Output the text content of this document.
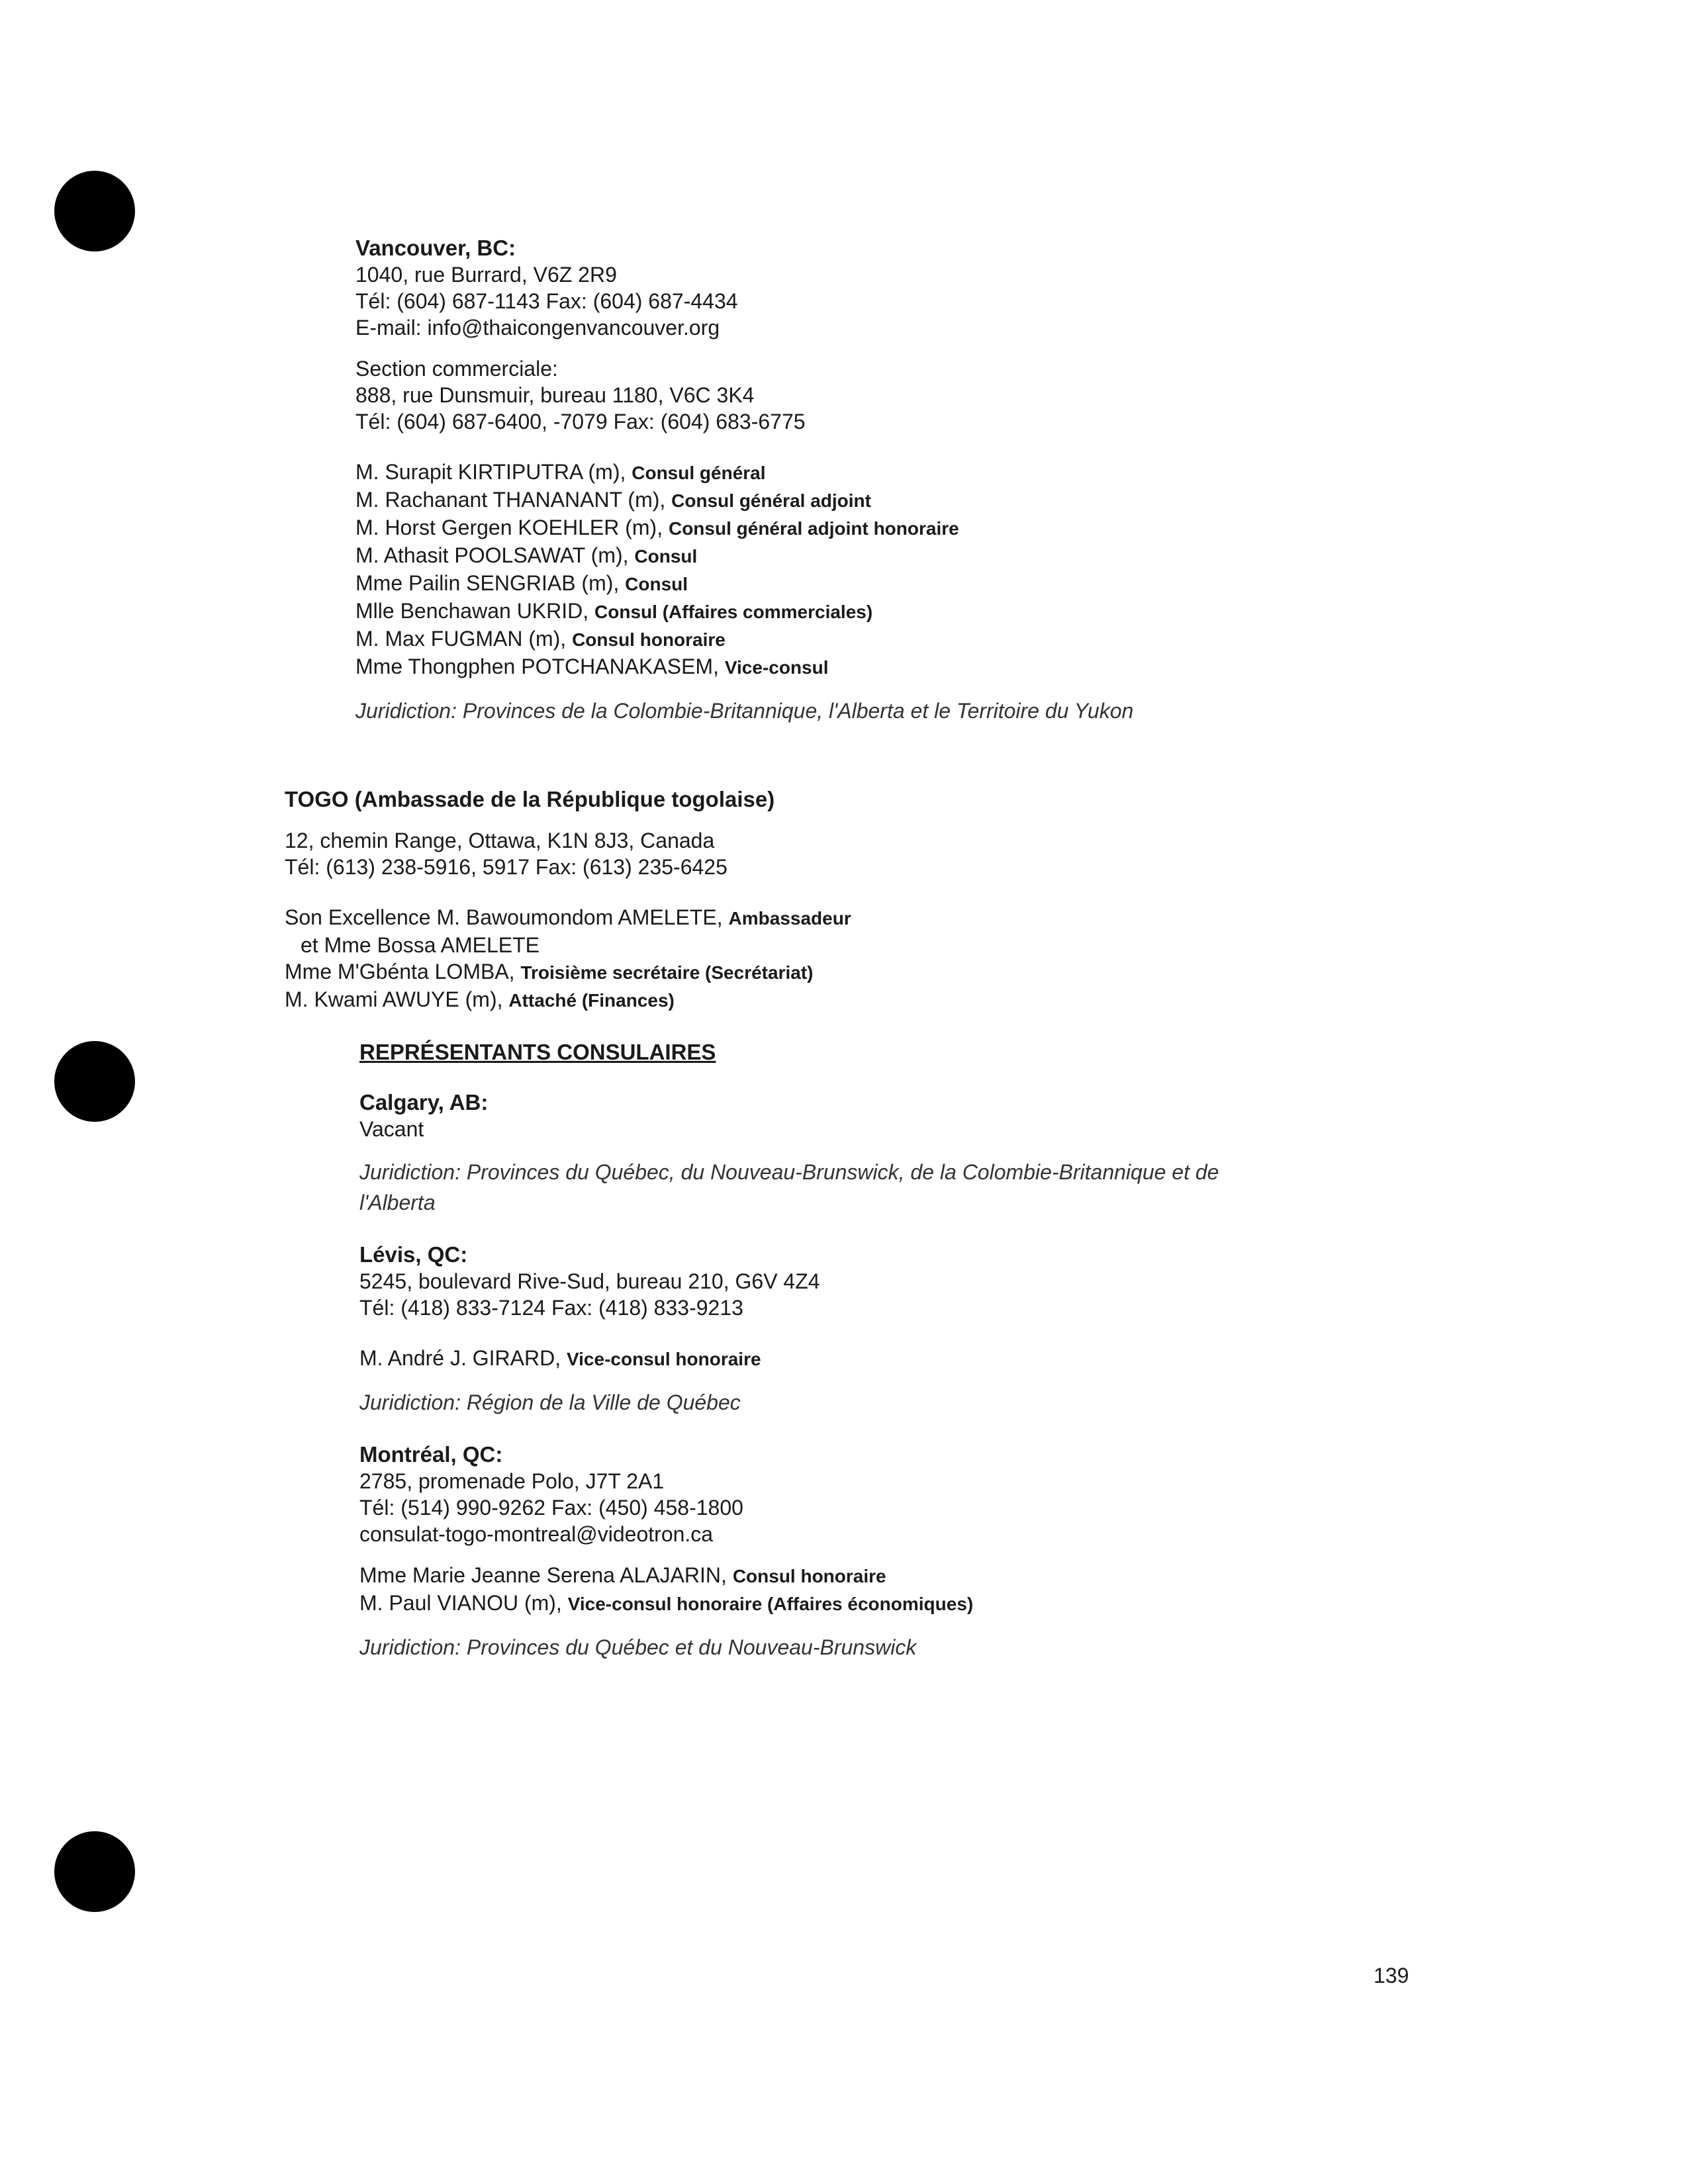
Vancouver, BC:
1040, rue Burrard, V6Z 2R9
Tél: (604) 687-1143 Fax: (604) 687-4434
E-mail: info@thaicongenvancouver.org
Section commerciale:
888, rue Dunsmuir, bureau 1180, V6C 3K4
Tél: (604) 687-6400, -7079 Fax: (604) 683-6775
M. Surapit KIRTIPUTRA (m), Consul général
M. Rachanant THANANANT (m), Consul général adjoint
M. Horst Gergen KOEHLER (m), Consul général adjoint honoraire
M. Athasit POOLSAWAT (m), Consul
Mme Pailin SENGRIAB (m), Consul
Mlle Benchawan UKRID, Consul (Affaires commerciales)
M. Max FUGMAN (m), Consul honoraire
Mme Thongphen POTCHANAKASEM, Vice-consul
Juridiction: Provinces de la Colombie-Britannique, l'Alberta et le Territoire du Yukon
TOGO (Ambassade de la République togolaise)
12, chemin Range, Ottawa, K1N 8J3, Canada
Tél: (613) 238-5916, 5917 Fax: (613) 235-6425
Son Excellence M. Bawoumondom AMELETE, Ambassadeur
et Mme Bossa AMELETE
Mme M'Gbénta LOMBA, Troisième secrétaire (Secrétariat)
M. Kwami AWUYE (m), Attaché (Finances)
REPRÉSENTANTS CONSULAIRES
Calgary, AB:
Vacant
Juridiction: Provinces du Québec, du Nouveau-Brunswick, de la Colombie-Britannique et de
l'Alberta
Lévis, QC:
5245, boulevard Rive-Sud, bureau 210, G6V 4Z4
Tél: (418) 833-7124 Fax: (418) 833-9213
M. André J. GIRARD, Vice-consul honoraire
Juridiction: Région de la Ville de Québec
Montréal, QC:
2785, promenade Polo, J7T 2A1
Tél: (514) 990-9262 Fax: (450) 458-1800
consulat-togo-montreal@videotron.ca
Mme Marie Jeanne Serena ALAJARIN, Consul honoraire
M. Paul VIANOU (m), Vice-consul honoraire (Affaires économiques)
Juridiction: Provinces du Québec et du Nouveau-Brunswick
139
